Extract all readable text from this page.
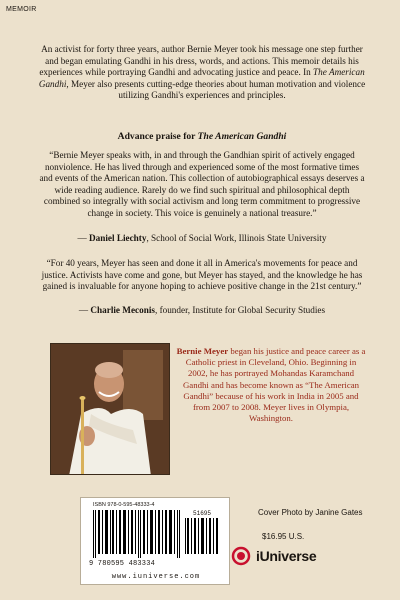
MEMOIR

An activist for forty three years, author Bernie Meyer took his message one step further and began emulating Gandhi in his dress, words, and actions. This memoir details his experiences while portraying Gandhi and advocating justice and peace. In The American Gandhi, Meyer also presents cutting-edge theories about human motivation and violence utilizing Gandhi's experiences and principles.

Advance praise for The American Gandhi

“Bernie Meyer speaks with, in and through the Gandhian spirit of actively engaged nonviolence. He has lived through and experienced some of the most formative times and events of the American nation. This collection of autobiographical essays deserves a wide reading audience. Rarely do we find such spiritual and philosophical depth combined so integrally with social activism and long term commitment to progressive change in society. This voice is genuinely a national treasure.”

— Daniel Liechty, School of Social Work, Illinois State University

“For 40 years, Meyer has seen and done it all in America's movements for peace and justice. Activists have come and gone, but Meyer has stayed, and the knowledge he has gained is invaluable for anyone hoping to achieve positive change in the 21st century.”

— Charlie Meconis, founder, Institute for Global Security Studies

Bernie Meyer began his justice and peace career as a Catholic priest in Cleveland, Ohio. Beginning in 2002, he has portrayed Mohandas Karamchand Gandhi and has become known as “The American Gandhi” because of his work in India in 2005 and from 2007 to 2008. Meyer lives in Olympia, Washington.

ISBN 978-0-595-48333-4
51695
9 780595 483334
www.iuniverse.com
Cover Photo by Janine Gates
$16.95 U.S.
iUniverse
